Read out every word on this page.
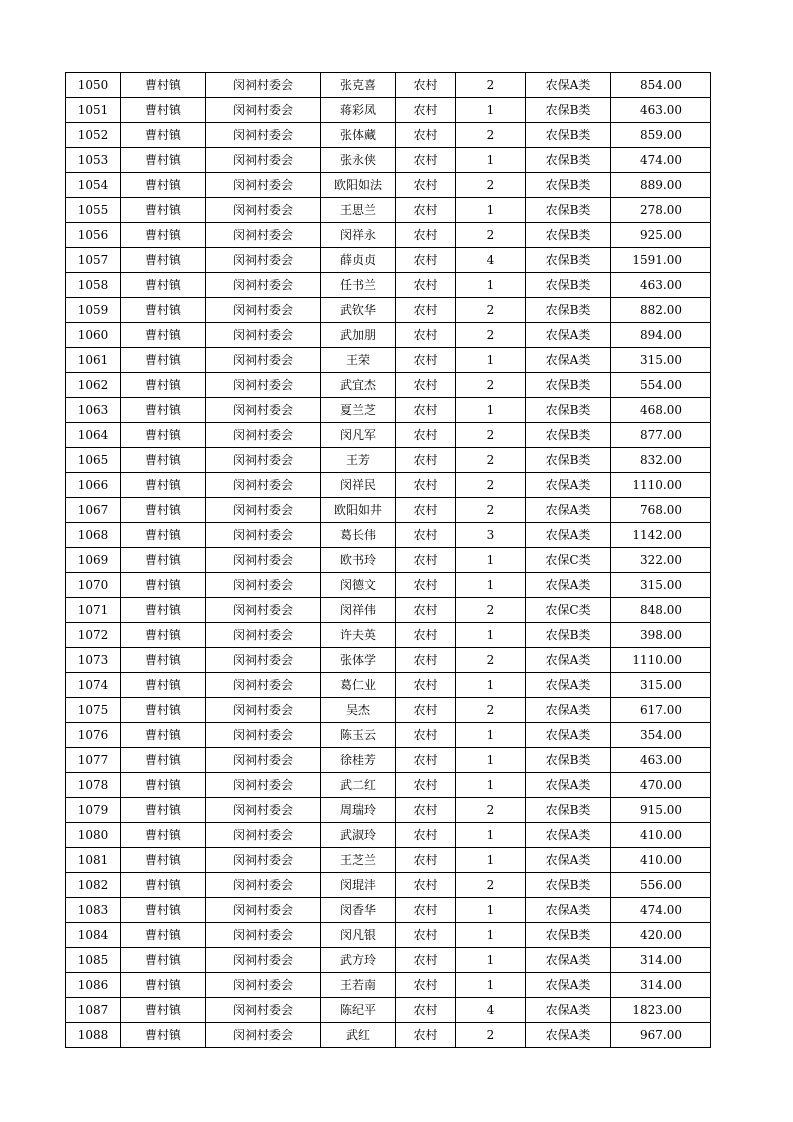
1050	曹村镇	闵祠村委会	张克喜	农村	2	农保A类	854.00
1051	曹村镇	闵祠村委会	蒋彩凤	农村	1	农保B类	463.00
1052	曹村镇	闵祠村委会	张体藏	农村	2	农保B类	859.00
1053	曹村镇	闵祠村委会	张永侠	农村	1	农保B类	474.00
1054	曹村镇	闵祠村委会	欧阳如法	农村	2	农保B类	889.00
1055	曹村镇	闵祠村委会	王思兰	农村	1	农保B类	278.00
1056	曹村镇	闵祠村委会	闵祥永	农村	2	农保B类	925.00
1057	曹村镇	闵祠村委会	薛贞贞	农村	4	农保B类	1591.00
1058	曹村镇	闵祠村委会	任书兰	农村	1	农保B类	463.00
1059	曹村镇	闵祠村委会	武钦华	农村	2	农保B类	882.00
1060	曹村镇	闵祠村委会	武加朋	农村	2	农保A类	894.00
1061	曹村镇	闵祠村委会	王荣	农村	1	农保A类	315.00
1062	曹村镇	闵祠村委会	武宜杰	农村	2	农保B类	554.00
1063	曹村镇	闵祠村委会	夏兰芝	农村	1	农保B类	468.00
1064	曹村镇	闵祠村委会	闵凡军	农村	2	农保B类	877.00
1065	曹村镇	闵祠村委会	王芳	农村	2	农保B类	832.00
1066	曹村镇	闵祠村委会	闵祥民	农村	2	农保A类	1110.00
1067	曹村镇	闵祠村委会	欧阳如井	农村	2	农保A类	768.00
1068	曹村镇	闵祠村委会	葛长伟	农村	3	农保A类	1142.00
1069	曹村镇	闵祠村委会	欧书玲	农村	1	农保C类	322.00
1070	曹村镇	闵祠村委会	闵德文	农村	1	农保A类	315.00
1071	曹村镇	闵祠村委会	闵祥伟	农村	2	农保C类	848.00
1072	曹村镇	闵祠村委会	许夫英	农村	1	农保B类	398.00
1073	曹村镇	闵祠村委会	张体学	农村	2	农保A类	1110.00
1074	曹村镇	闵祠村委会	葛仁业	农村	1	农保A类	315.00
1075	曹村镇	闵祠村委会	吴杰	农村	2	农保A类	617.00
1076	曹村镇	闵祠村委会	陈玉云	农村	1	农保A类	354.00
1077	曹村镇	闵祠村委会	徐桂芳	农村	1	农保B类	463.00
1078	曹村镇	闵祠村委会	武二红	农村	1	农保A类	470.00
1079	曹村镇	闵祠村委会	周瑞玲	农村	2	农保B类	915.00
1080	曹村镇	闵祠村委会	武淑玲	农村	1	农保A类	410.00
1081	曹村镇	闵祠村委会	王芝兰	农村	1	农保A类	410.00
1082	曹村镇	闵祠村委会	闵琨沣	农村	2	农保B类	556.00
1083	曹村镇	闵祠村委会	闵香华	农村	1	农保A类	474.00
1084	曹村镇	闵祠村委会	闵凡银	农村	1	农保B类	420.00
1085	曹村镇	闵祠村委会	武方玲	农村	1	农保A类	314.00
1086	曹村镇	闵祠村委会	王若南	农村	1	农保A类	314.00
1087	曹村镇	闵祠村委会	陈纪平	农村	4	农保A类	1823.00
1088	曹村镇	闵祠村委会	武红	农村	2	农保A类	967.00
